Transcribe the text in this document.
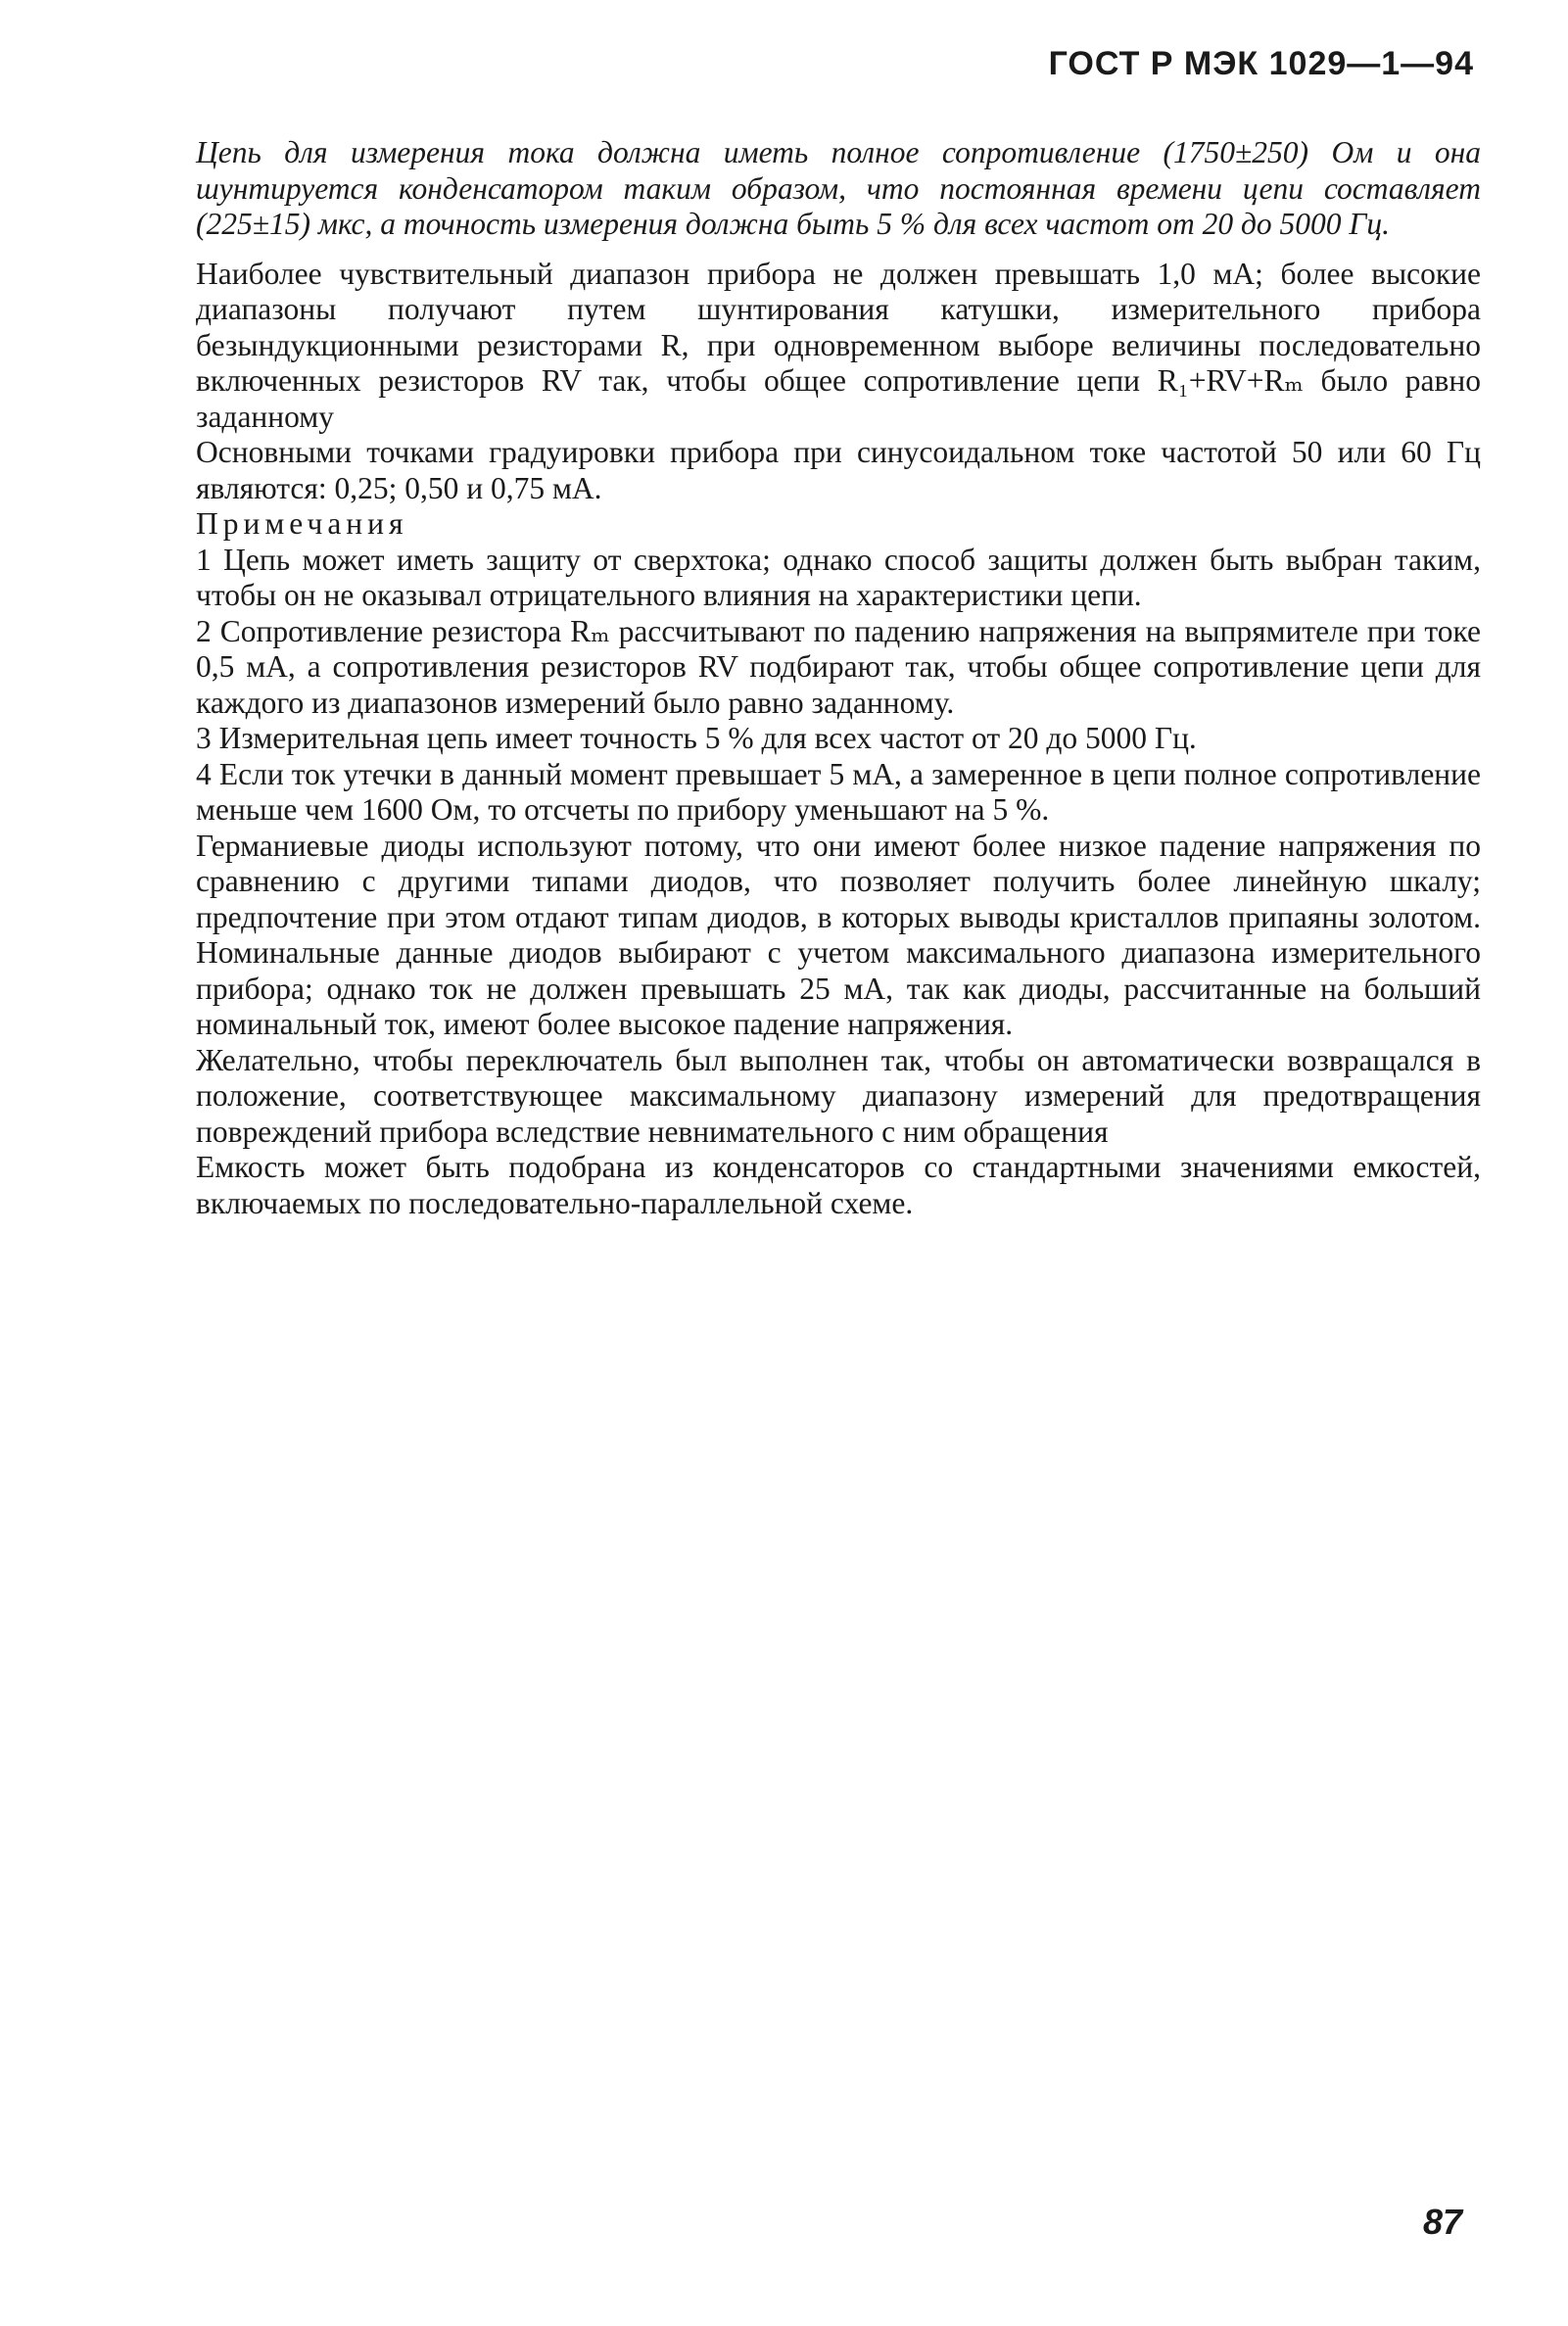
ГОСТ Р МЭК 1029—1—94

Цепь для измерения тока должна иметь полное сопротивление (1750±250) Ом и она шунтируется конденсатором таким образом, что постоянная времени цепи составляет (225±15) мкс, а точность измерения должна быть 5 % для всех частот от 20 до 5000 Гц.

Наиболее чувствительный диапазон прибора не должен превышать 1,0 мА; более высокие диапазоны получают путем шунтирования катушки, измерительного прибора безындукционными резисторами R, при одновременном выборе величины последовательно включенных резисторов RV так, чтобы общее сопротивление цепи R₁+RV+Rₘ было равно заданному

Основными точками градуировки прибора при синусоидальном токе частотой 50 или 60 Гц являются: 0,25; 0,50 и 0,75 мА.

Примечания

1 Цепь может иметь защиту от сверхтока; однако способ защиты должен быть выбран таким, чтобы он не оказывал отрицательного влияния на характеристики цепи.

2 Сопротивление резистора Rₘ рассчитывают по падению напряжения на выпрямителе при токе 0,5 мА, а сопротивления резисторов RV подбирают так, чтобы общее сопротивление цепи для каждого из диапазонов измерений было равно заданному.

3 Измерительная цепь имеет точность 5 % для всех частот от 20 до 5000 Гц.

4 Если ток утечки в данный момент превышает 5 мА, а замеренное в цепи полное сопротивление меньше чем 1600 Ом, то отсчеты по прибору уменьшают на 5 %.

Германиевые диоды используют потому, что они имеют более низкое падение напряжения по сравнению с другими типами диодов, что позволяет получить более линейную шкалу; предпочтение при этом отдают типам диодов, в которых выводы кристаллов припаяны золотом. Номинальные данные диодов выбирают с учетом максимального диапазона измерительного прибора; однако ток не должен превышать 25 мА, так как диоды, рассчитанные на больший номинальный ток, имеют более высокое падение напряжения.

Желательно, чтобы переключатель был выполнен так, чтобы он автоматически возвращался в положение, соответствующее максимальному диапазону измерений для предотвращения повреждений прибора вследствие невнимательного с ним обращения

Емкость может быть подобрана из конденсаторов со стандартными значениями емкостей, включаемых по последовательно-параллельной схеме.

87
